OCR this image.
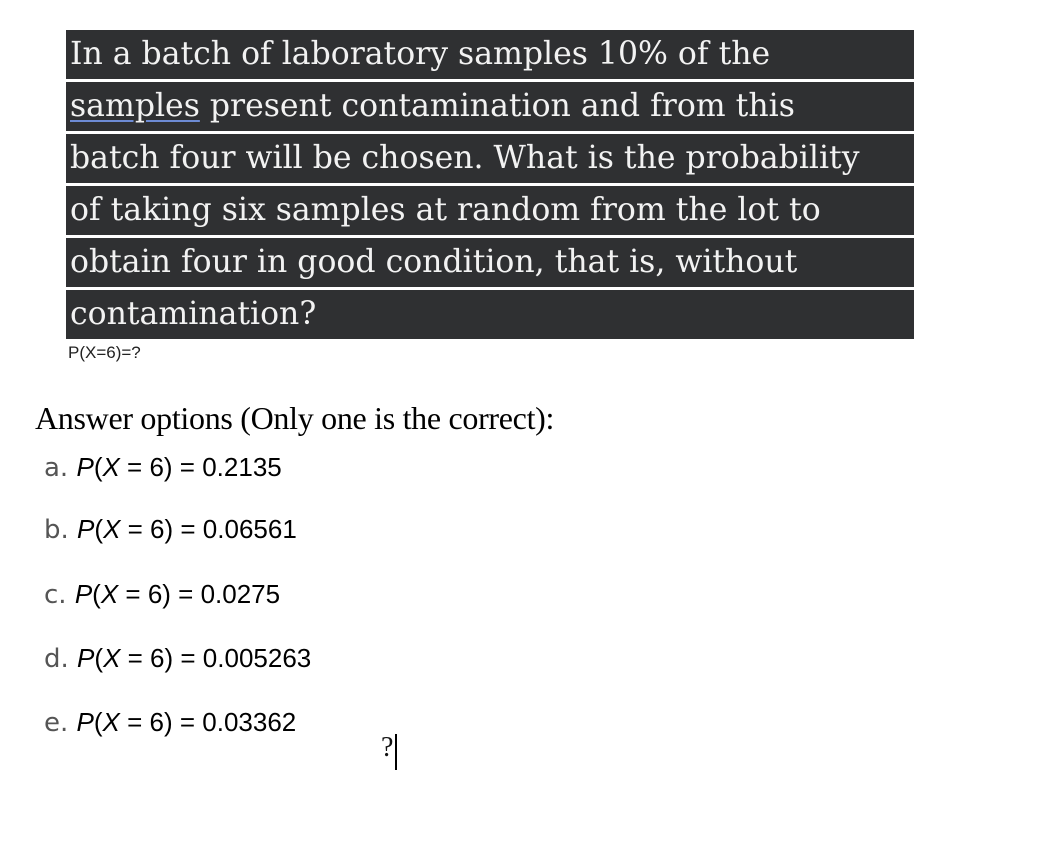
In a batch of laboratory samples 10% of the
samples present contamination and from this
batch four will be chosen. What is the probability
of taking six samples at random from the lot to
obtain four in good condition, that is, without
contamination?
P(X=6)=?
Answer options (Only one is the correct):
a. P(X = 6) = 0.2135
b. P(X = 6) = 0.06561
c. P(X = 6) = 0.0275
d. P(X = 6) = 0.005263
e. P(X = 6) = 0.03362
?
